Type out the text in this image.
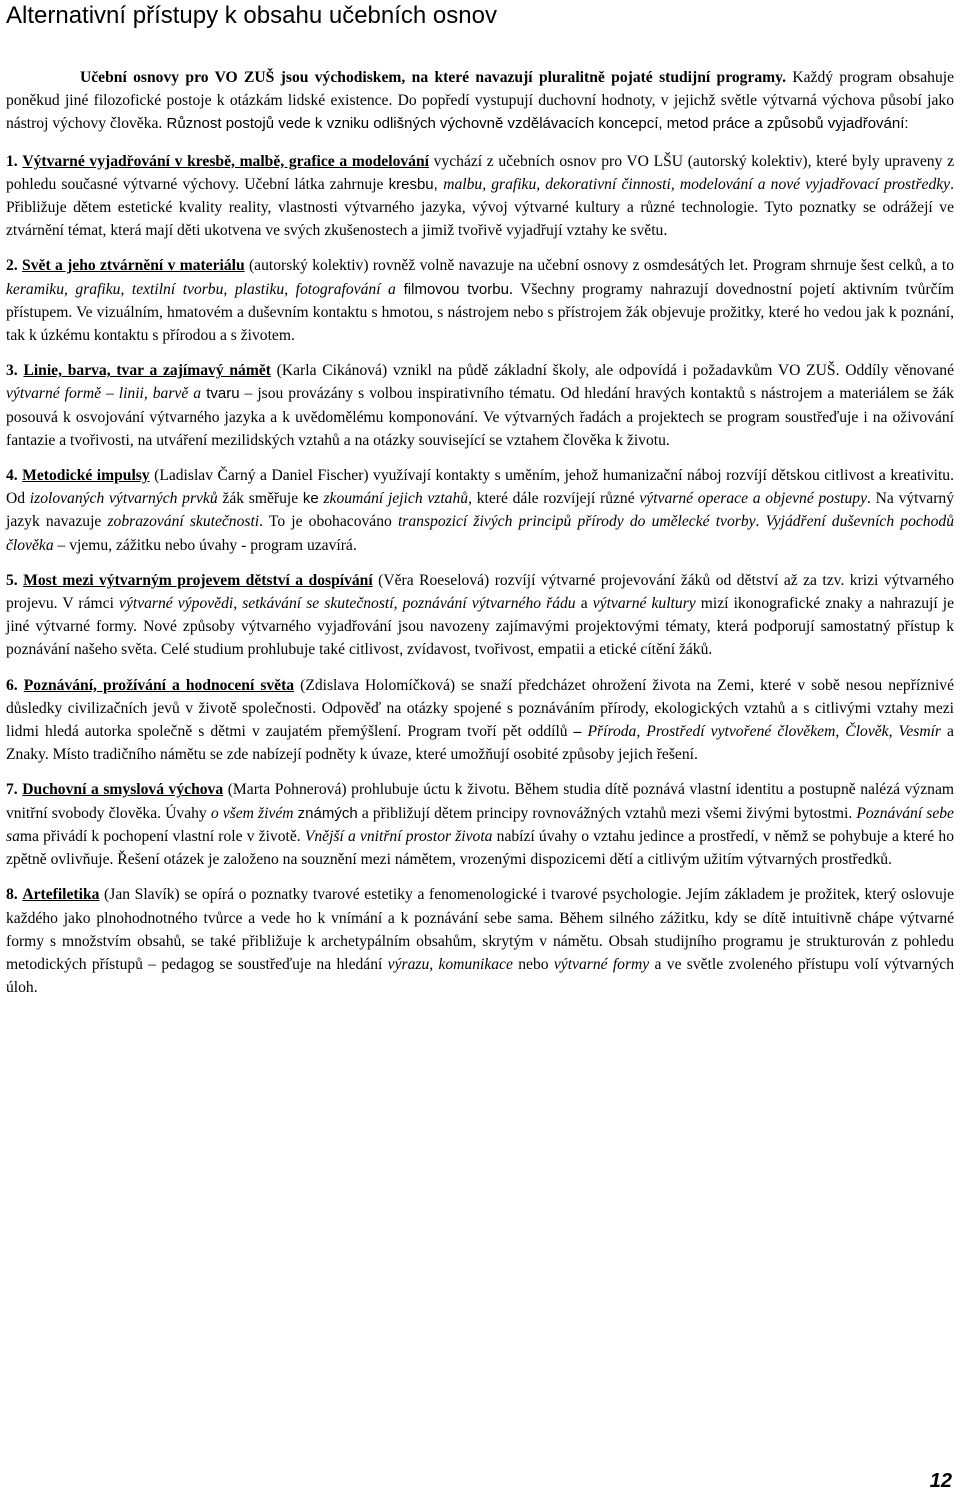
Alternativní přístupy k obsahu učebních osnov

Učební osnovy pro VO ZUŠ jsou východiskem, na které navazují pluralitně pojaté studijní programy. Každý program obsahuje poněkud jiné filozofické postoje k otázkám lidské existence. Do popředí vystupují duchovní hodnoty, v jejichž světle výtvarná výchova působí jako nástroj výchovy člověka. Různost postojů vede k vzniku odlišných výchovně vzdělávacích koncepcí, metod práce a způsobů vyjadřování:

1. Výtvarné vyjadřování v kresbě, malbě, grafice a modelování vychází z učebních osnov pro VO LŠU (autorský kolektiv), které byly upraveny z pohledu současné výtvarné výchovy. Učební látka zahrnuje kresbu, malbu, grafiku, dekorativní činnosti, modelování a nové vyjadřovací prostředky. Přibližuje dětem estetické kvality reality, vlastnosti výtvarného jazyka, vývoj výtvarné kultury a různé technologie. Tyto poznatky se odrážejí ve ztvárnění témat, která mají děti ukotvena ve svých zkušenostech a jimiž tvořivě vyjadřují vztahy ke světu.

2. Svět a jeho ztvárnění v materiálu (autorský kolektiv) rovněž volně navazuje na učební osnovy z osmdesátých let. Program shrnuje šest celků, a to keramiku, grafiku, textilní tvorbu, plastiku, fotografování a filmovou tvorbu. Všechny programy nahrazují dovednostní pojetí aktivním tvůrčím přístupem. Ve vizuálním, hmatovém a duševním kontaktu s hmotou, s nástrojem nebo s přístrojem žák objevuje prožitky, které ho vedou jak k poznání, tak k úzkému kontaktu s přírodou a s životem.

3. Linie, barva, tvar a zajímavý námět (Karla Cikánová) vznikl na půdě základní školy, ale odpovídá i požadavkům VO ZUŠ. Oddíly věnované výtvarné formě – linii, barvě a tvaru – jsou provázány s volbou inspirativního tématu. Od hledání hravých kontaktů s nástrojem a materiálem se žák posouvá k osvojování výtvarného jazyka a k uvědomělému komponování. Ve výtvarných řadách a projektech se program soustřeďuje i na oživování fantazie a tvořivosti, na utváření mezilidských vztahů a na otázky související se vztahem člověka k životu.

4. Metodické impulsy (Ladislav Čarný a Daniel Fischer) využívají kontakty s uměním, jehož humanizační náboj rozvíjí dětskou citlivost a kreativitu. Od izolovaných výtvarných prvků žák směřuje ke zkoumání jejich vztahů, které dále rozvíjejí různé výtvarné operace a objevné postupy. Na výtvarný jazyk navazuje zobrazování skutečnosti. To je obohacováno transpozicí živých principů přírody do umělecké tvorby. Vyjádření duševních pochodů člověka – vjemu, zážitku nebo úvahy - program uzavírá.

5. Most mezi výtvarným projevem dětství a dospívání (Věra Roeselová) rozvíjí výtvarné projevování žáků od dětství až za tzv. krizi výtvarného projevu. V rámci výtvarné výpovědi, setkávání se skutečností, poznávání výtvarného řádu a výtvarné kultury mizí ikonografické znaky a nahrazují je jiné výtvarné formy. Nové způsoby výtvarného vyjadřování jsou navozeny zajímavými projektovými tématy, která podporují samostatný přístup k poznávání našeho světa. Celé studium prohlubuje také citlivost, zvídavost, tvořivost, empatii a etické cítění žáků.

6. Poznávání, prožívání a hodnocení světa (Zdislava Holomíčková) se snaží předcházet ohrožení života na Zemi, které v sobě nesou nepříznivé důsledky civilizačních jevů v životě společnosti. Odpověď na otázky spojené s poznáváním přírody, ekologických vztahů a s citlivými vztahy mezi lidmi hledá autorka společně s dětmi v zaujatém přemýšlení. Program tvoří pět oddílů – Příroda, Prostředí vytvořené člověkem, Člověk, Vesmír a Znaky. Místo tradičního námětu se zde nabízejí podněty k úvaze, které umožňují osobité způsoby jejich řešení.

7. Duchovní a smyslová výchova (Marta Pohnerová) prohlubuje úctu k životu. Během studia dítě poznává vlastní identitu a postupně nalézá význam vnitřní svobody člověka. Úvahy o všem živém známých a přibližují dětem principy rovnovážných vztahů mezi všemi živými bytostmi. Poznávání sebe sama přivádí k pochopení vlastní role v životě. Vnější a vnitřní prostor života nabízí úvahy o vztahu jedince a prostředí, v němž se pohybuje a které ho zpětně ovlivňuje. Řešení otázek je založeno na souznění mezi námětem, vrozenými dispozicemi dětí a citlivým užitím výtvarných prostředků.

8. Artefiletika (Jan Slavík) se opírá o poznatky tvarové estetiky a fenomenologické i tvarové psychologie. Jejím základem je prožitek, který oslovuje každého jako plnohodnotného tvůrce a vede ho k vnímání a k poznávání sebe sama. Během silného zážitku, kdy se dítě intuitivně chápe výtvarné formy s množstvím obsahů, se také přibližuje k archetypálním obsahům, skrytým v námětu. Obsah studijního programu je strukturován z pohledu metodických přístupů – pedagog se soustřeďuje na hledání výrazu, komunikace nebo výtvarné formy a ve světle zvoleného přístupu volí výtvarných úloh.

12
